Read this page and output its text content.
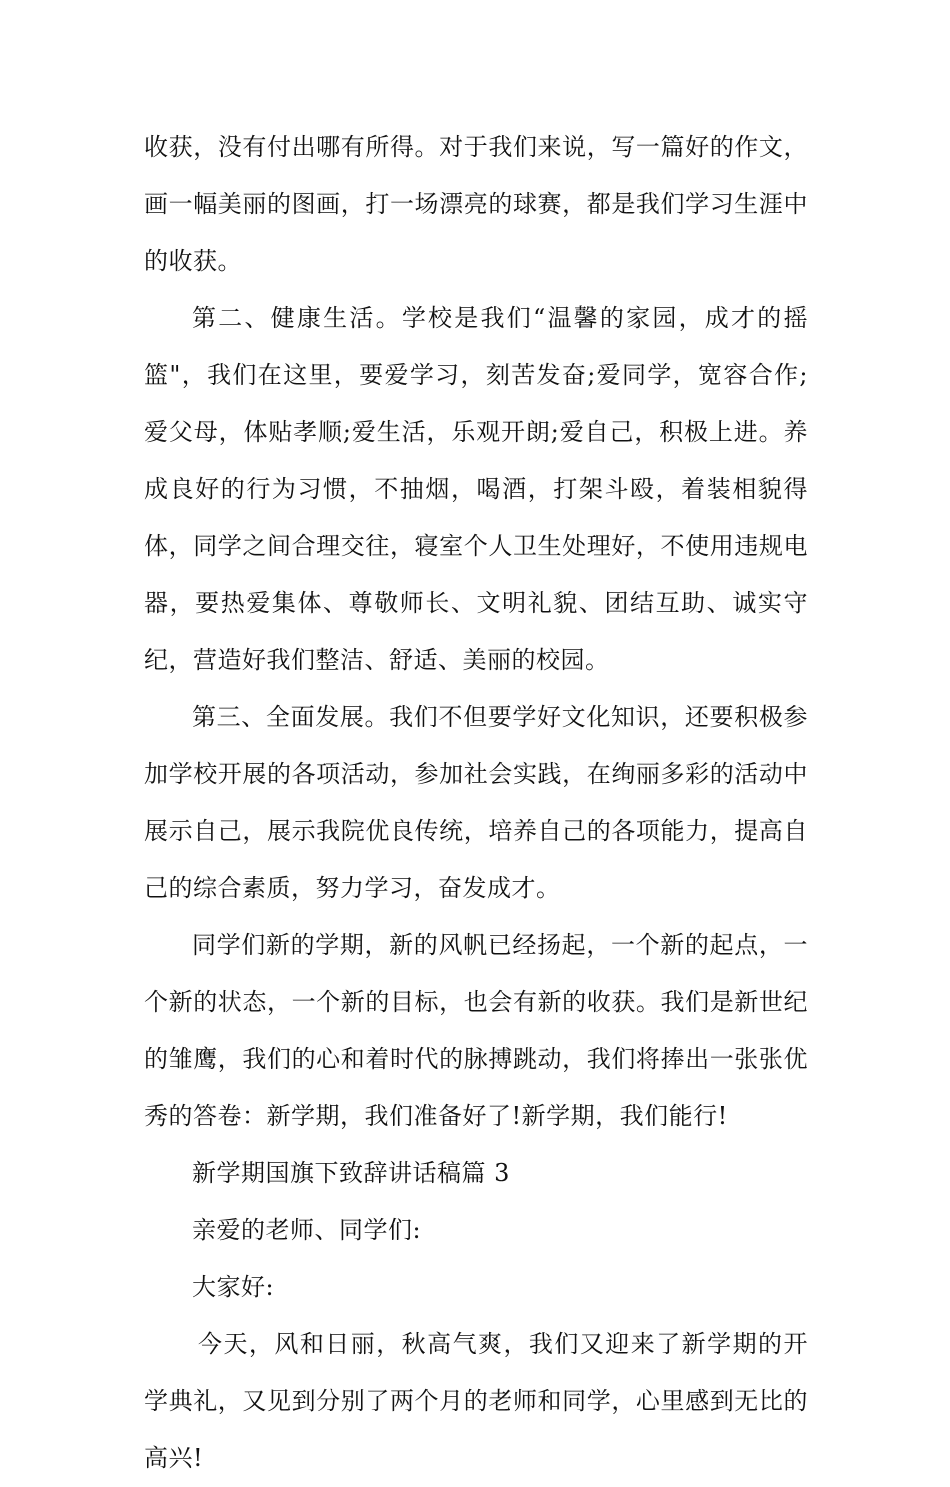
收获，没有付出哪有所得。对于我们来说，写一篇好的作文，画一幅美丽的图画，打一场漂亮的球赛，都是我们学习生涯中的收获。

第二、健康生活。学校是我们“温馨的家园，成才的摇篮"，我们在这里，要爱学习，刻苦发奋;爱同学，宽容合作;爱父母，体贴孝顺;爱生活，乐观开朗;爱自己，积极上进。养成良好的行为习惯，不抽烟，喝酒，打架斗殴，着装相貌得体，同学之间合理交往，寝室个人卫生处理好，不使用违规电器，要热爱集体、尊敬师长、文明礼貌、团结互助、诚实守纪，营造好我们整洁、舒适、美丽的校园。

第三、全面发展。我们不但要学好文化知识，还要积极参加学校开展的各项活动，参加社会实践，在绚丽多彩的活动中展示自己，展示我院优良传统，培养自己的各项能力，提高自己的综合素质，努力学习，奋发成才。

同学们新的学期，新的风帆已经扬起，一个新的起点，一个新的状态，一个新的目标，也会有新的收获。我们是新世纪的雏鹰，我们的心和着时代的脉搏跳动，我们将捧出一张张优秀的答卷：新学期，我们准备好了!新学期，我们能行!

新学期国旗下致辞讲话稿篇 3

亲爱的老师、同学们:

大家好:

今天，风和日丽，秋高气爽，我们又迎来了新学期的开学典礼，又见到分别了两个月的老师和同学，心里感到无比的高兴!
